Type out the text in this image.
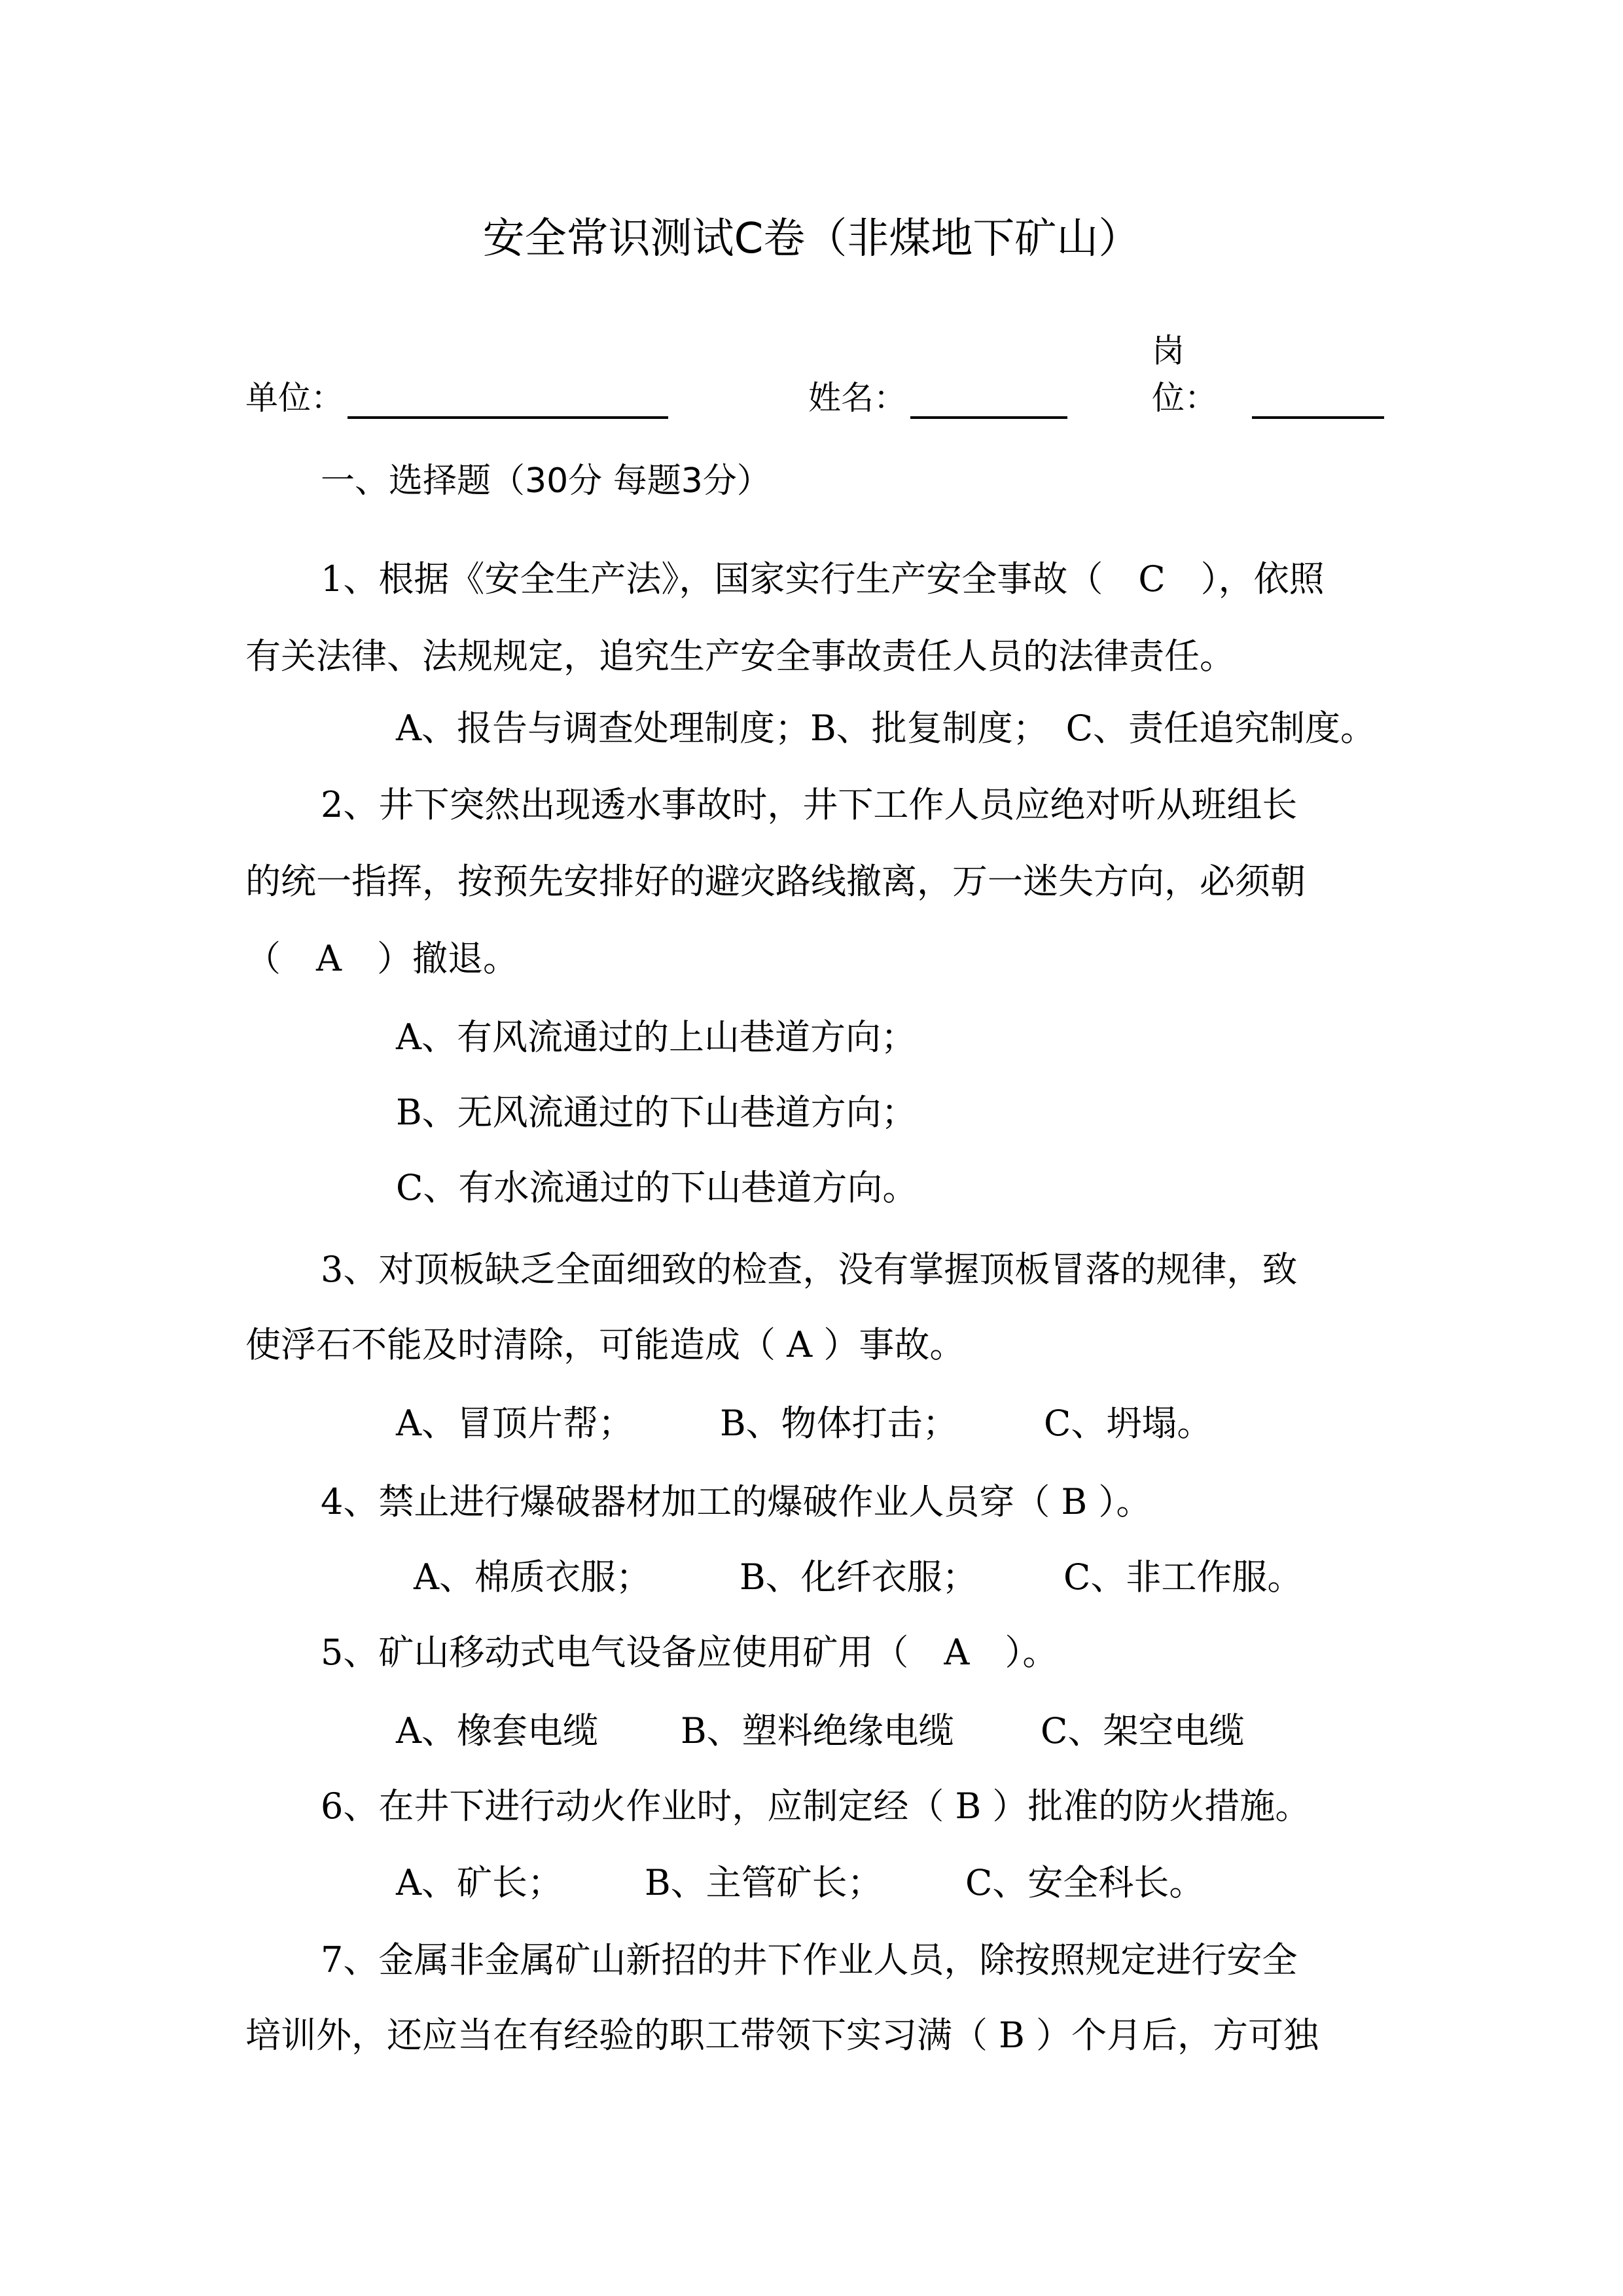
安全常识测试C卷（非煤地下矿山）
单位：	姓名：
岗位：
一、选择题（30分 每题3分）
1、根据《安全生产法》，国家实行生产安全事故（　C　），依照
有关法律、法规规定，追究生产安全事故责任人员的法律责任。
A、报告与调查处理制度；B、批复制度；　C、责任追究制度。
2、井下突然出现透水事故时，井下工作人员应绝对听从班组长
的统一指挥，按预先安排好的避灾路线撤离，万一迷失方向，必须朝
（　A　）撤退。
A、有风流通过的上山巷道方向；
B、无风流通过的下山巷道方向；
C、有水流通过的下山巷道方向。
3、对顶板缺乏全面细致的检查，没有掌握顶板冒落的规律，致
使浮石不能及时清除，可能造成（ A ）事故。
A、冒顶片帮； B、物体打击； C、坍塌。
4、禁止进行爆破器材加工的爆破作业人员穿（ B ）。
A、棉质衣服；	B、化纤衣服； C、非工作服。
5、矿山移动式电气设备应使用矿用（　A　）。
A、橡套电缆 B、塑料绝缘电缆 C、架空电缆
6、在井下进行动火作业时，应制定经（ B ）批准的防火措施。
A、矿长； B、主管矿长； C、安全科长。
7、金属非金属矿山新招的井下作业人员，除按照规定进行安全
培训外，还应当在有经验的职工带领下实习满（ B ）个月后，方可独
